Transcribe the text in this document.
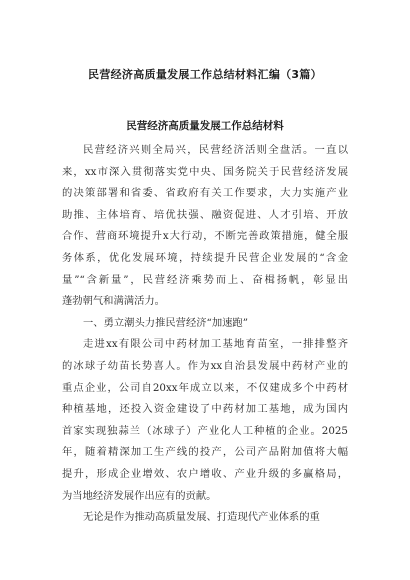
民营经济高质量发展工作总结材料汇编（3篇）
民营经济高质量发展工作总结材料
民营经济兴则全局兴，民营经济活则全盘活。一直以
来，xx市深入贯彻落实党中央、国务院关于民营经济发展
的决策部署和省委、省政府有关工作要求，大力实施产业
助推、主体培育、培优扶强、融资促进、人才引培、开放
合作、营商环境提升x大行动，不断完善政策措施，健全服
务体系，优化发展环境，持续提升民营企业发展的“含金
量”“含新量”，民营经济乘势而上、奋楫扬帆，彰显出
蓬勃朝气和满满活力。
一、勇立潮头力推民营经济“加速跑”
走进xx有限公司中药材加工基地育苗室，一排排整齐
的冰球子幼苗长势喜人。作为xx自治县发展中药材产业的
重点企业，公司自20xx年成立以来，不仅建成多个中药材
种植基地，还投入资金建设了中药材加工基地，成为国内
首家实现独蒜兰（冰球子）产业化人工种植的企业。2025
年，随着精深加工生产线的投产，公司产品附加值将大幅
提升，形成企业增效、农户增收、产业升级的多赢格局，
为当地经济发展作出应有的贡献。
无论是作为推动高质量发展、打造现代产业体系的重
